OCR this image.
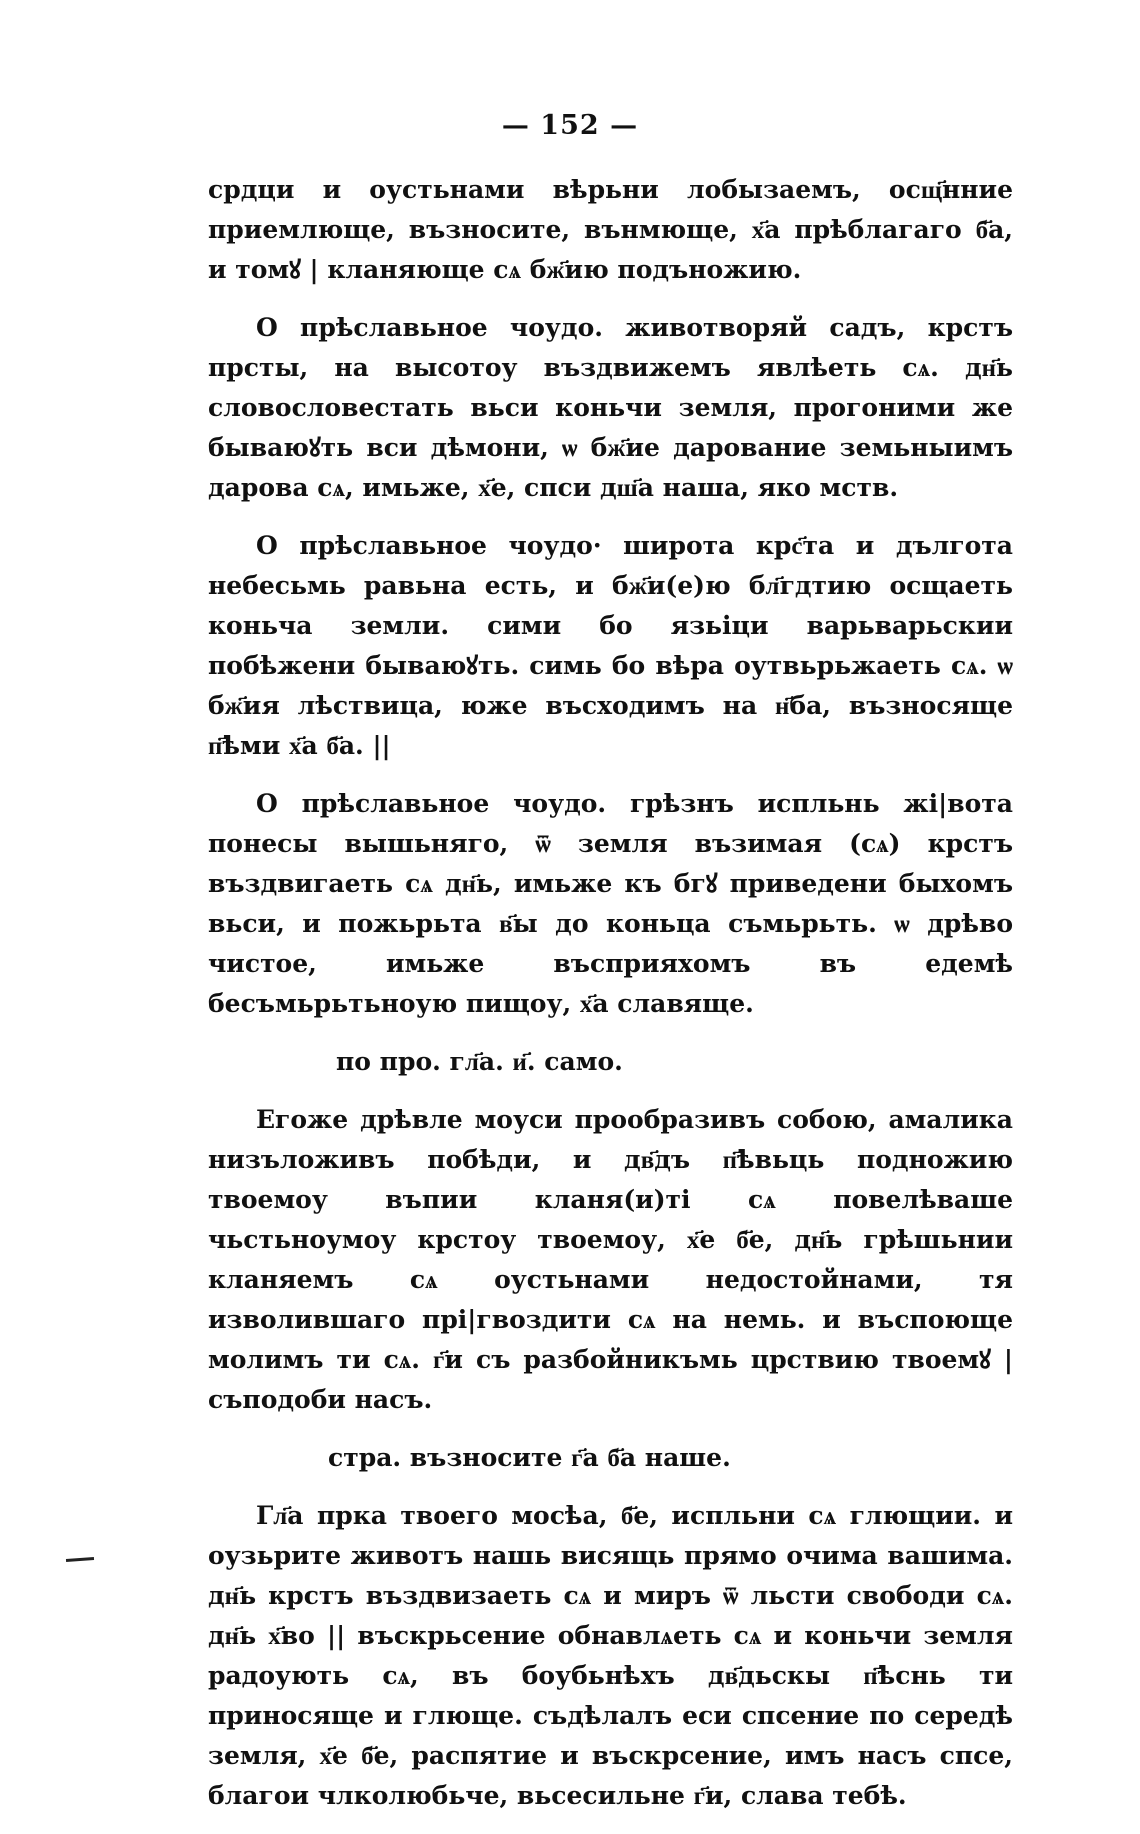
— 152 —

срдци и оустьнами вѣрьни лобызаемъ, осщ҃нние приемлюще, възносите, вънмюще, х҃а прѣблагаго б҃а, и томꙋ | кланяюще сѧ бж҃ию подъножию.

О прѣславьное чоудо. животворяй садъ, крстъ прсты, на высотоу въздвижемъ явлѣеть сѧ. дн҃ь словословестать вьси коньчи земля, прогоними же бываюꙋть вси дѣмони, ѡ бж҃ие дарование земьныимъ дарова сѧ, имьже, х҃е, спси дш҃а наша, яко мств.

О прѣславьное чоудо· широта крс҃та и дългота небесьмь равьна есть, и бж҃и(е)ю бл҃гдтию осщаеть коньча земли. сими бо язьіци варьварьскии побѣжени бываюꙋть. симь бо вѣра оутвьрьжаеть сѧ. ѡ бж҃ия лѣствица, юже въсходимъ на н҃ба, възносяще п҃ѣми х҃а б҃а. ||

О прѣславьное чоудо. грѣзнъ испльнь жi|вота понесы вышьняго, ѿ земля възимая (сѧ) крстъ въздвигаеть сѧ дн҃ь, имьже къ бгꙋ приведени быхомъ вьси, и пожьрьта в҃ы до коньца съмьрьть. ѡ дрѣво чистое, имьже въсприяхомъ въ едемѣ бесъмьрьтьноую пищоу, х҃а славяще.

по про. гл҃а. и҃. само.

Егоже дрѣвле моуси прообразивъ собою, амалика низъложивъ побѣди, и дв҃дъ п҃ѣвьць подножию твоемоу въпии кланя(и)тi сѧ повелѣваше чьстьноумоу крстоу твоемоу, х҃е б҃е, дн҃ь грѣшьнии кланяемъ сѧ оустьнами недостойнами, тя изволившаго прi|гвоздити сѧ на немь. и въспоюще молимъ ти сѧ. г҃и съ разбойникъмь црствию твоемꙋ | съподоби насъ.

стра. възносите г҃а б҃а наше.

Гл҃а прка твоего мосѣа, б҃е, испльни сѧ глющии. и оузьрите животъ нашь висящь прямо очима вашима. дн҃ь крстъ въздвизаеть сѧ и миръ ѿ льсти свободи сѧ. дн҃ь х҃во || въскрьсение обнавлѧеть сѧ и коньчи земля радоують сѧ, въ боубьнѣхъ дв҃дьскы п҃ѣснь ти приносяще и глюще. съдѣлалъ еси спсение по середѣ земля, х҃е б҃е, распятие и въскрсение, имъ насъ спсе, благои члколюбьче, вьсесильне г҃и, слава тебѣ.
